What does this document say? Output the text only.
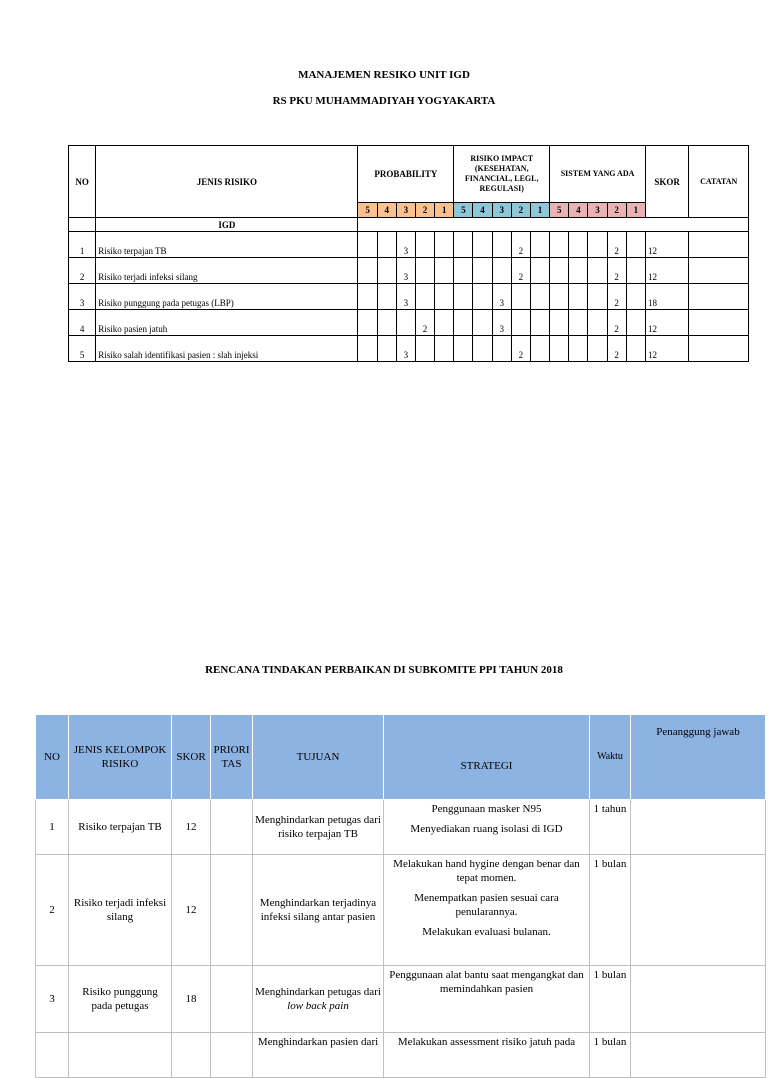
MANAJEMEN RESIKO UNIT IGD
RS PKU MUHAMMADIYAH YOGYAKARTA
NO	JENIS RISIKO	PROBABILITY					RISIKO IMPACT (KESEHATAN, FINANCIAL, LEGL, REGULASI)					SISTEM YANG ADA					SKOR	CATATAN
		5	4	3	2	1	5	4	3	2	1	5	4	3	2	1		
	IGD																	
1	Risiko terpajan TB			3						2					2		12	
2	Risiko terjadi infeksi silang			3						2					2		12	
3	Risiko punggung pada petugas (LBP)			3					3						2		18	
4	Risiko pasien jatuh				2				3						2		12	
5	Risiko salah identifikasi pasien : slah injeksi			3						2					2		12	
RENCANA TINDAKAN PERBAIKAN DI SUBKOMITE PPI TAHUN 2018
NO	JENIS KELOMPOK RISIKO	SKOR	PRIORI TAS	TUJUAN	STRATEGI	Waktu	Penanggung jawab
1	Risiko terpajan TB	12		Menghindarkan petugas dari risiko terpajan TB	Penggunaan masker N95

Menyediakan ruang isolasi di IGD	1 tahun	
2	Risiko terjadi infeksi silang	12		Menghindarkan terjadinya infeksi silang antar pasien	Melakukan hand hygine dengan benar dan tepat momen.

Menempatkan pasien sesuai cara penularannya.

Melakukan evaluasi bulanan.	1 bulan	
3	Risiko punggung pada petugas	18		Menghindarkan petugas dari low back pain	Penggunaan alat bantu saat mengangkat dan memindahkan pasien	1 bulan	
				Menghindarkan pasien dari	Melakukan assessment risiko jatuh pada	1 bulan	
